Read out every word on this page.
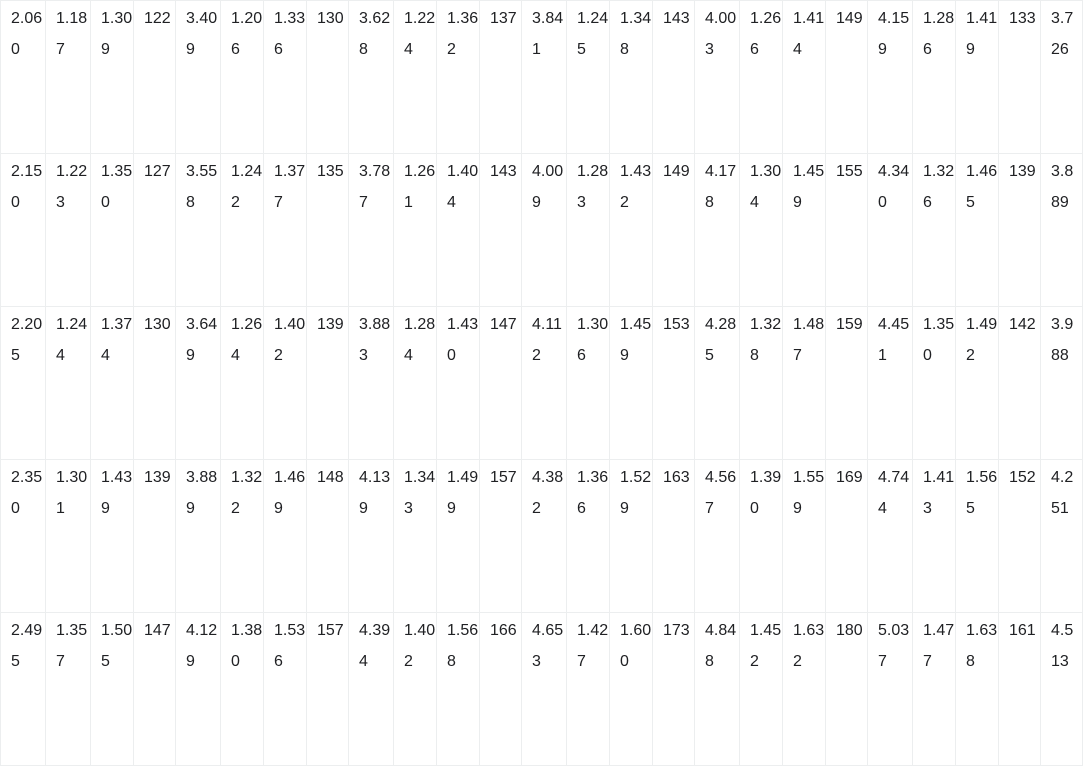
2.060	1.187	1.309	122	3.409	1.206	1.336	130	3.628	1.224	1.362	137	3.841	1.245	1.348	143	4.003	1.266	1.414	149	4.159	1.286	1.419	133	3.726
2.150	1.223	1.350	127	3.558	1.242	1.377	135	3.787	1.261	1.404	143	4.009	1.283	1.432	149	4.178	1.304	1.459	155	4.340	1.326	1.465	139	3.889
2.205	1.244	1.374	130	3.649	1.264	1.402	139	3.883	1.284	1.430	147	4.112	1.306	1.459	153	4.285	1.328	1.487	159	4.451	1.350	1.492	142	3.988
2.350	1.301	1.439	139	3.889	1.322	1.469	148	4.139	1.343	1.499	157	4.382	1.366	1.529	163	4.567	1.390	1.559	169	4.744	1.413	1.565	152	4.251
2.495	1.357	1.505	147	4.129	1.380	1.536	157	4.394	1.402	1.568	166	4.653	1.427	1.600	173	4.848	1.452	1.632	180	5.037	1.477	1.638	161	4.513
